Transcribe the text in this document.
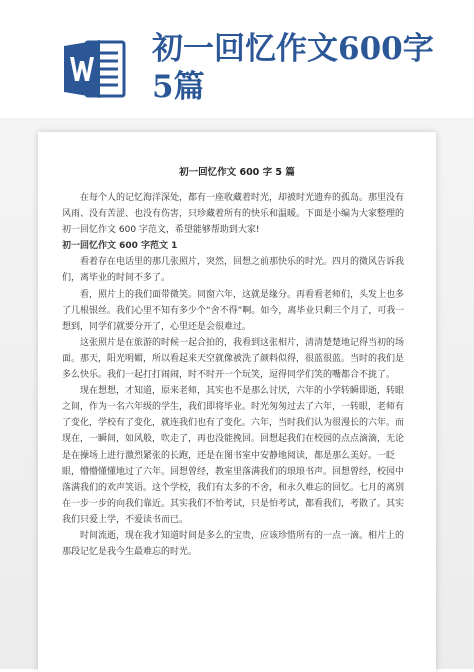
初一回忆作文600字5篇
初一回忆作文 600 字 5 篇

在每个人的记忆海洋深处，都有一座收藏着时光，却被时光遗弃的孤岛。那里没有风雨、没有苦涩、也没有伤害，只珍藏着所有的快乐和温暖。下面是小编为大家整理的初一回忆作文 600 字范文，希望能够帮助到大家!

初一回忆作文 600 字范文 1

看着存在电话里的那几张照片，突然，回想之前那快乐的时光。四月的微风告诉我们，离毕业的时间不多了。

看，照片上的我们面带微笑。同窗六年，这就是缘分。再看看老师们，头发上也多了几根银丝。我们心里不知有多少个“舍不得”啊。如今，离毕业只剩三个月了，可我一想到，同学们就要分开了，心里还是会很难过。

这张照片是在旅游的时候一起合拍的，我看到这张相片，清清楚楚地记得当初的场面。那天，阳光明媚，所以看起来天空就像被洗了颜料似得，很蓝很蓝。当时的我们是多么快乐。我们一起打打闹闹，时不时开一个玩笑，逗得同学们笑的嘴都合不拢了。

现在想想，才知道，原来老师，其实也不是那么讨厌，六年的小学转瞬即逝，转眼之间，作为一名六年级的学生，我们即将毕业。时光匆匆过去了六年，一转眼，老师有了变化，学校有了变化，就连我们也有了变化。六年，当时我们认为很漫长的六年。而现在，一瞬间，如风般，吹走了，再也没能挽回。回想起我们在校园的点点滴滴，无论是在操场上进行激烈紧张的长跑，还是在图书室中安静地阅读，都是那么美好。一眨眼，懵懵懂懂地过了六年。回想曾经，教室里落满我们的琅琅书声。回想曾经，校园中落满我们的欢声笑语。这个学校，我们有太多的不舍，和永久难忘的回忆。七月的离别在一步一步的向我们靠近。其实我们不怕考试，只是怕考试，都看我们，考散了。其实我们只爱上学，不爱读书而已。

时间流逝，现在我才知道时间是多么的宝贵，应该珍惜所有的一点一滴。相片上的那段记忆是我今生最难忘的时光。
